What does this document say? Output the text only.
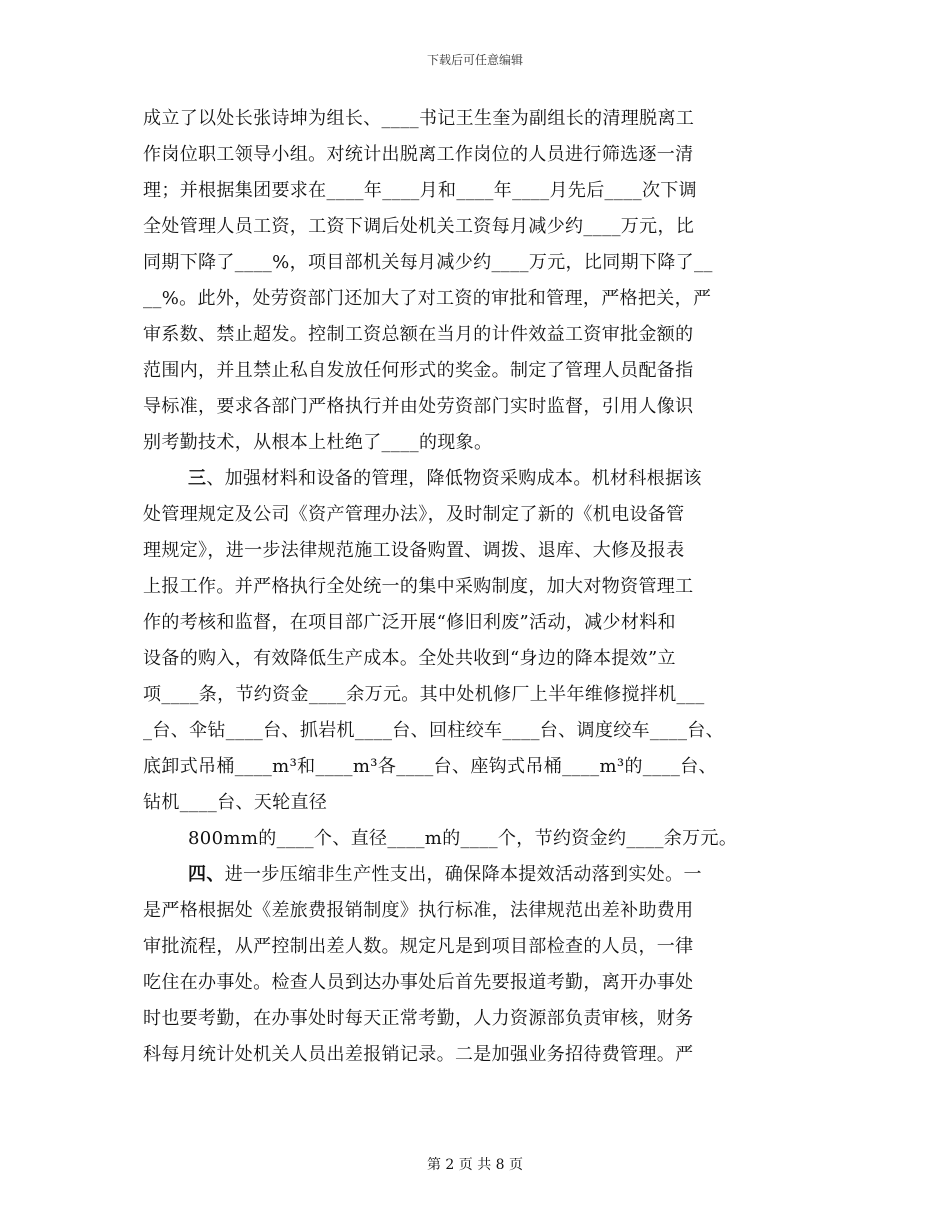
下载后可任意编辑
成立了以处长张诗坤为组长、____书记王生奎为副组长的清理脱离工
作岗位职工领导小组。对统计出脱离工作岗位的人员进行筛选逐一清
理；并根据集团要求在____年____月和____年____月先后____次下调
全处管理人员工资，工资下调后处机关工资每月减少约____万元，比
同期下降了____%，项目部机关每月减少约____万元，比同期下降了__
__%。此外，处劳资部门还加大了对工资的审批和管理，严格把关，严
审系数、禁止超发。控制工资总额在当月的计件效益工资审批金额的
范围内，并且禁止私自发放任何形式的奖金。制定了管理人员配备指
导标准，要求各部门严格执行并由处劳资部门实时监督，引用人像识
别考勤技术，从根本上杜绝了____的现象。
三、加强材料和设备的管理，降低物资采购成本。机材科根据该
处管理规定及公司《资产管理办法》，及时制定了新的《机电设备管
理规定》，进一步法律规范施工设备购置、调拨、退库、大修及报表
上报工作。并严格执行全处统一的集中采购制度，加大对物资管理工
作的考核和监督，在项目部广泛开展“修旧利废”活动，减少材料和
设备的购入，有效降低生产成本。全处共收到“身边的降本提效”立
项____条，节约资金____余万元。其中处机修厂上半年维修搅拌机___
_台、伞钻____台、抓岩机____台、回柱绞车____台、调度绞车____台、
底卸式吊桶____m³和____m³各____台、座钩式吊桶____m³的____台、
钻机____台、天轮直径
800mm的____个、直径____m的____个，节约资金约____余万元。
四、进一步压缩非生产性支出，确保降本提效活动落到实处。一
是严格根据处《差旅费报销制度》执行标准，法律规范出差补助费用
审批流程，从严控制出差人数。规定凡是到项目部检查的人员，一律
吃住在办事处。检查人员到达办事处后首先要报道考勤，离开办事处
时也要考勤，在办事处时每天正常考勤，人力资源部负责审核，财务
科每月统计处机关人员出差报销记录。二是加强业务招待费管理。严
第 2 页 共 8 页
